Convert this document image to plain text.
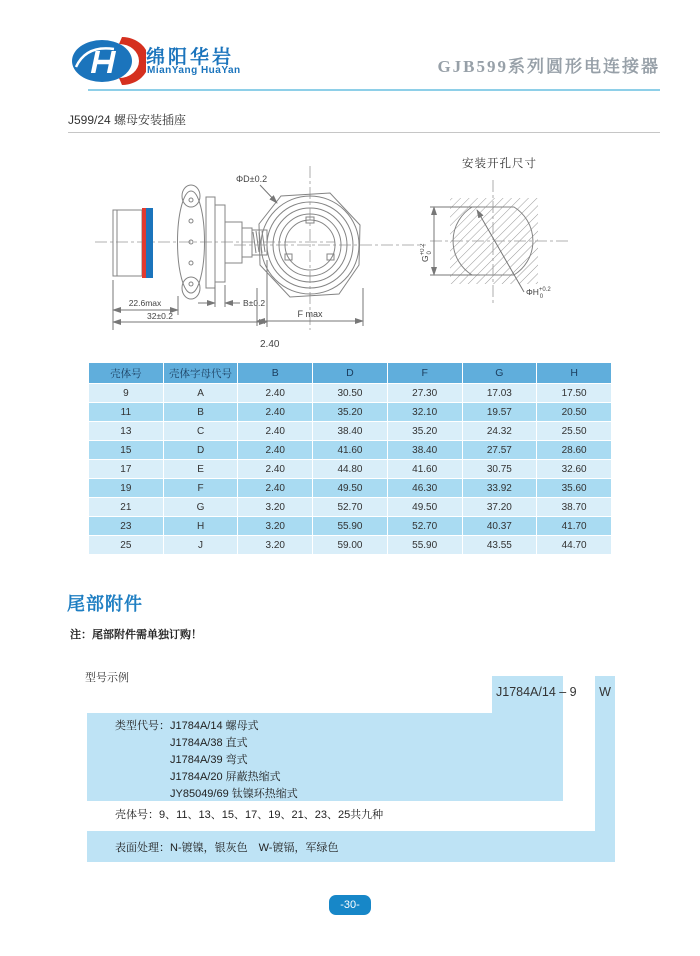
绵阳华岩
MianYang HuaYan	GJB599系列圆形电连接器
J599/24 螺母安装插座
22.6max	B±0.2
32±0.2
ΦD±0.2
F max
2.40
安装开孔尺寸
$G^{+0.2}0$
$\Phi H^{+0.2}$ 0
壳体号	壳体字母代号	B	D	F	G	H
9	A	2.40	30.50	27.30	17.03	17.50
11	B	2.40	35.20	32.10	19.57	20.50
13	C	2.40	38.40	35.20	24.32	25.50
15	D	2.40	41.60	38.40	27.57	28.60
17	E	2.40	44.80	41.60	30.75	32.60
19	F	2.40	49.50	46.30	33.92	35.60
21	G	3.20	52.70	49.50	37.20	38.70
23	H	3.20	55.90	52.70	40.37	41.70
25	J	3.20	59.00	55.90	43.55	44.70
尾部附件
注：尾部附件需单独订购！
型号示例
J1784A/14 – 9	W
类型代号： J1784A/14 螺母式
J1784A/38 直式
J1784A/39 弯式
J1784A/20 屏蔽热缩式
JY85049/69 钛镍环热缩式
壳体号：9、11、13、15、17、19、21、23、25共九种
表面处理：N-镀镍，银灰色　W-镀镉，军绿色
-30-
